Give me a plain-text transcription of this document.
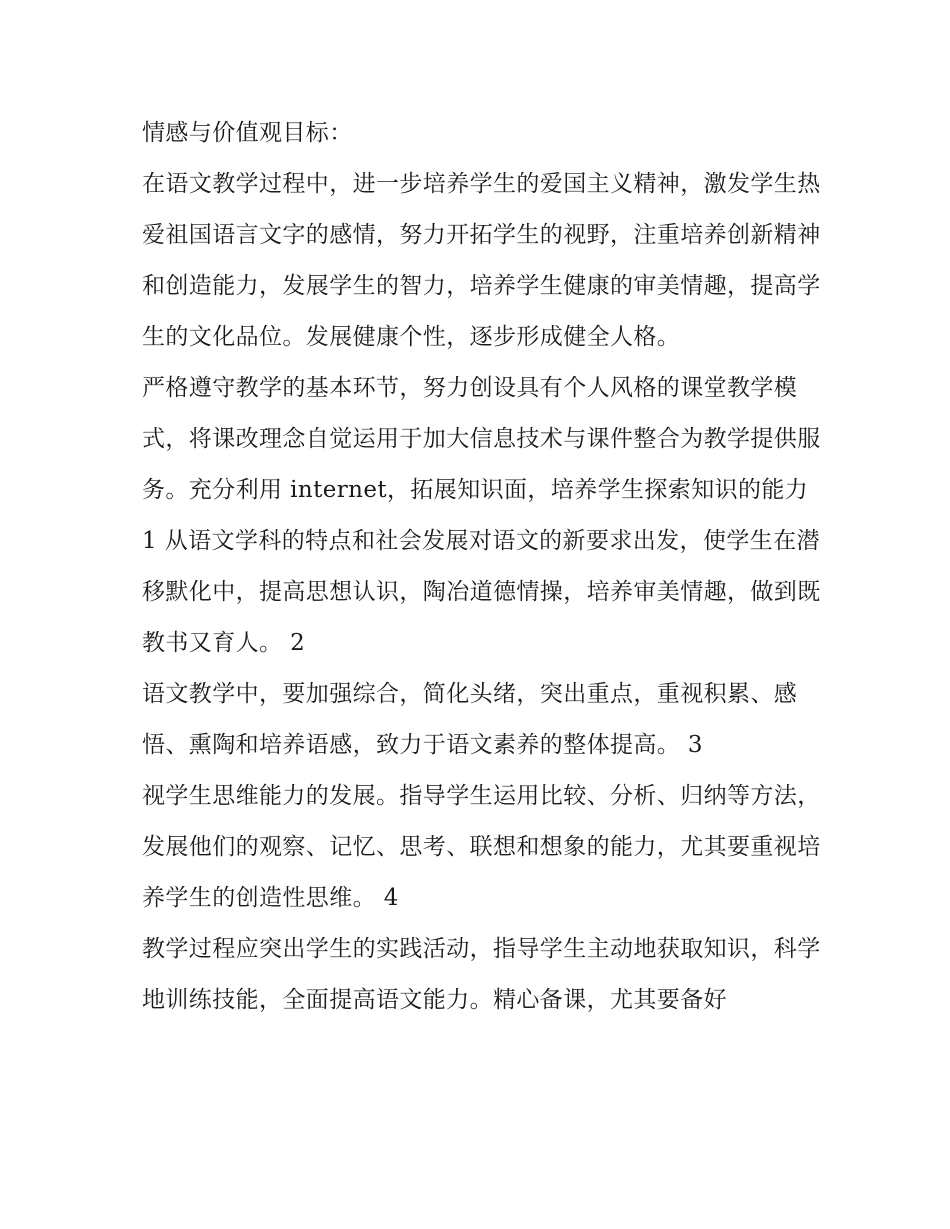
情感与价值观目标：

在语文教学过程中，进一步培养学生的爱国主义精神，激发学生热爱祖国语言文字的感情，努力开拓学生的视野，注重培养创新精神和创造能力，发展学生的智力，培养学生健康的审美情趣，提高学生的文化品位。发展健康个性，逐步形成健全人格。

严格遵守教学的基本环节，努力创设具有个人风格的课堂教学模式，将课改理念自觉运用于加大信息技术与课件整合为教学提供服务。充分利用 internet，拓展知识面，培养学生探索知识的能力

1 从语文学科的特点和社会发展对语文的新要求出发，使学生在潜移默化中，提高思想认识，陶冶道德情操，培养审美情趣，做到既教书又育人。 2

语文教学中，要加强综合，简化头绪，突出重点，重视积累、感悟、熏陶和培养语感，致力于语文素养的整体提高。 3

视学生思维能力的发展。指导学生运用比较、分析、归纳等方法，发展他们的观察、记忆、思考、联想和想象的能力，尤其要重视培养学生的创造性思维。 4

教学过程应突出学生的实践活动，指导学生主动地获取知识，科学地训练技能，全面提高语文能力。精心备课，尤其要备好
